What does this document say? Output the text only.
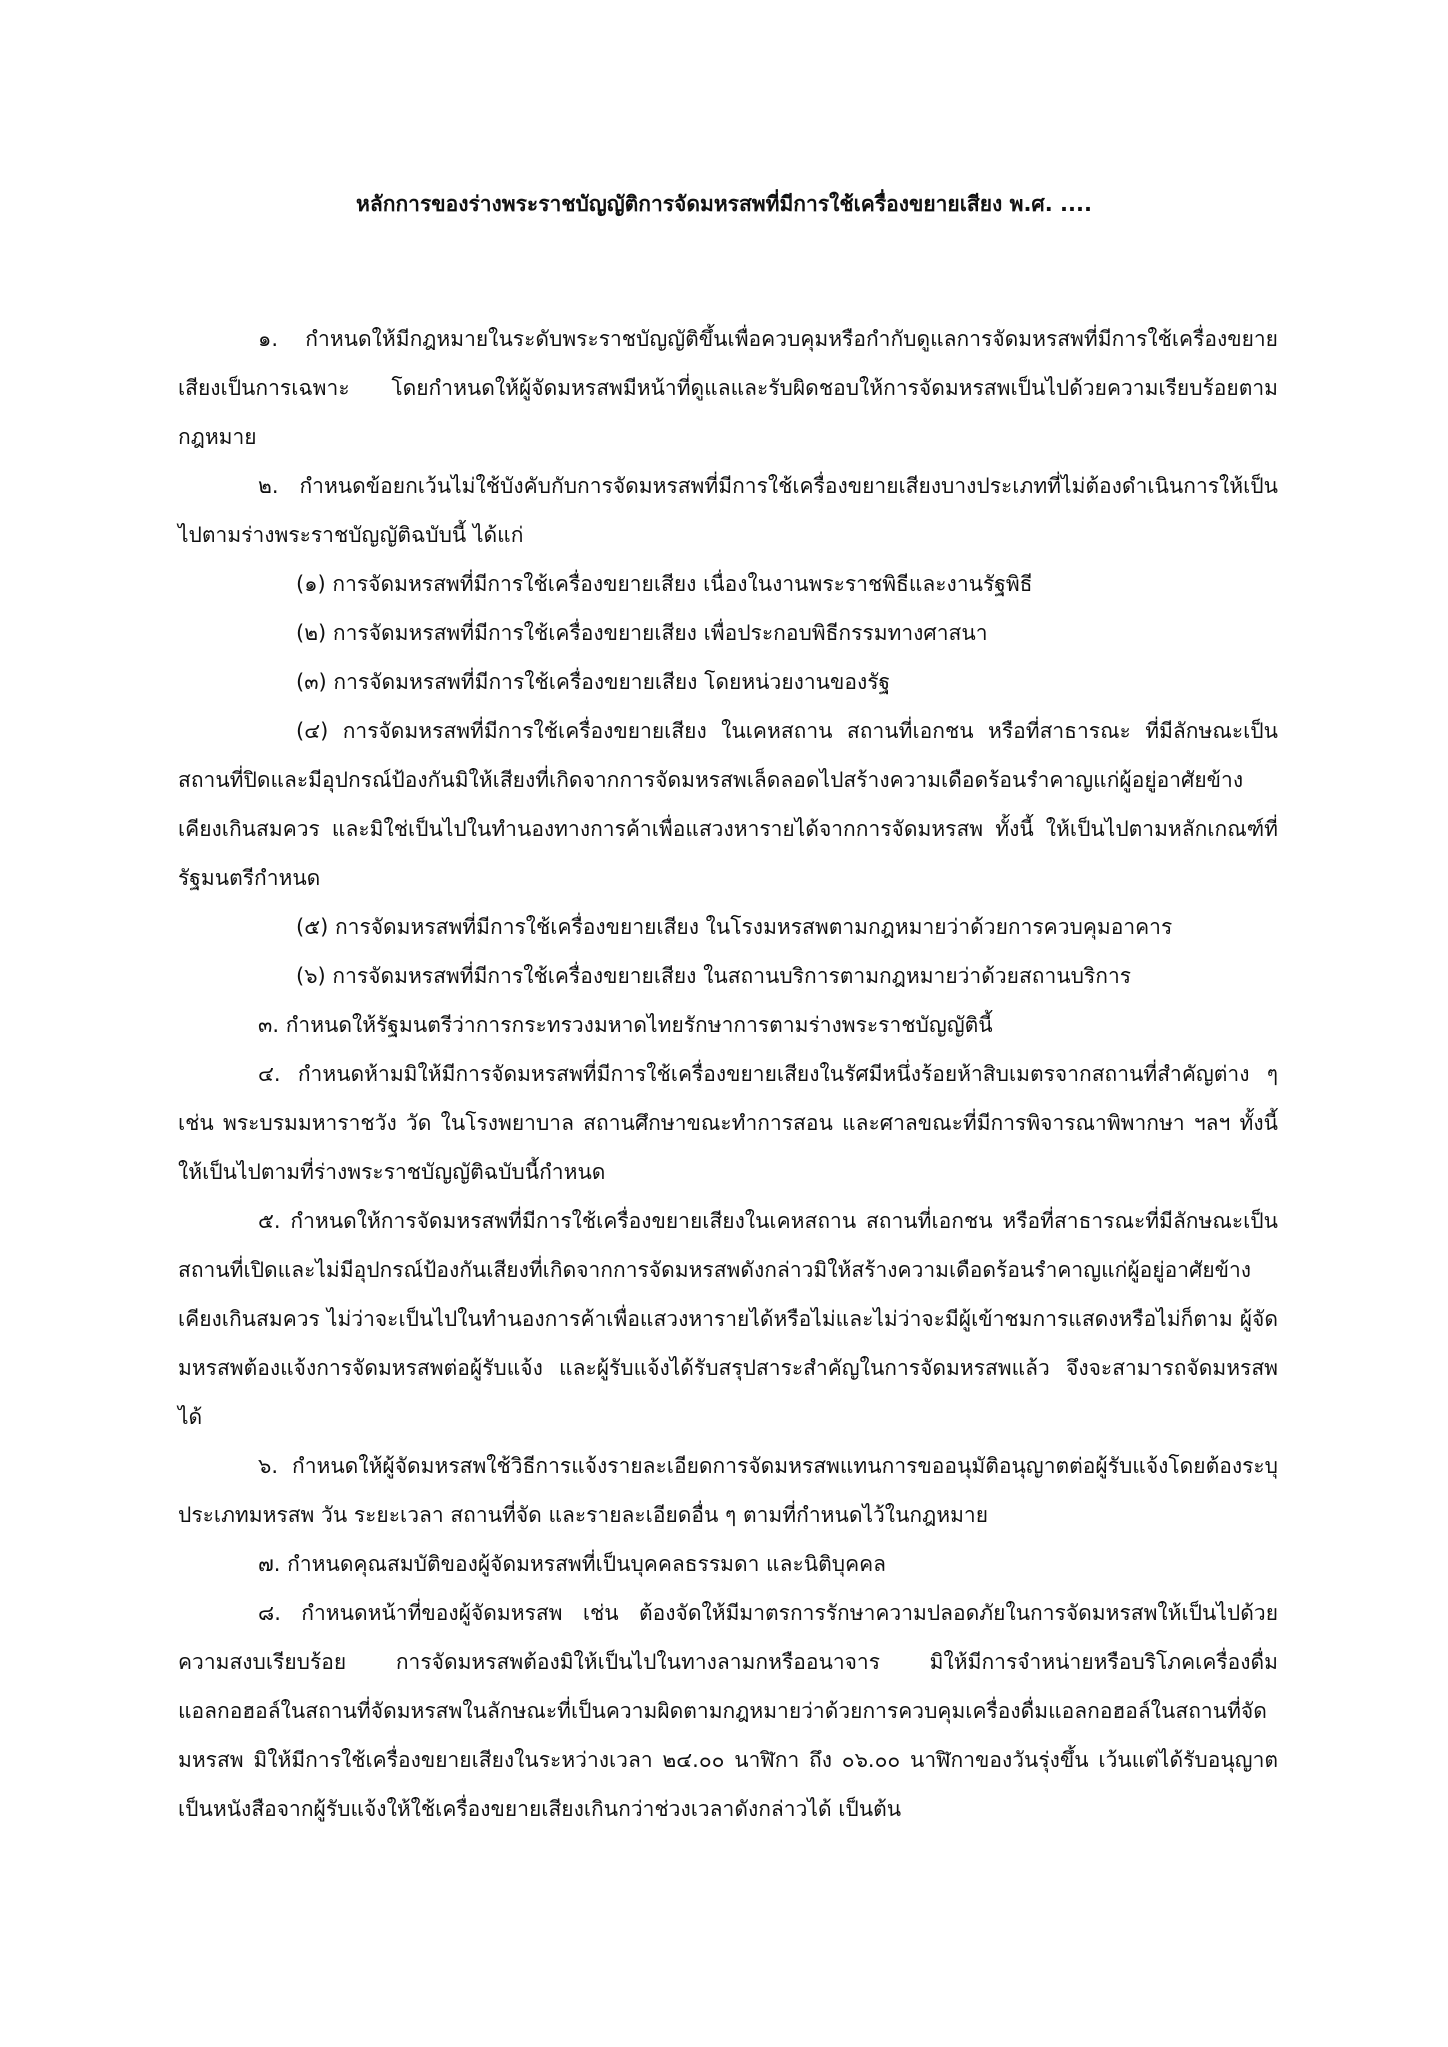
หลักการของร่างพระราชบัญญัติการจัดมหรสพที่มีการใช้เครื่องขยายเสียง พ.ศ. ....

๑. กำหนดให้มีกฎหมายในระดับพระราชบัญญัติขึ้นเพื่อควบคุมหรือกำกับดูแลการจัดมหรสพที่มีการใช้เครื่องขยายเสียงเป็นการเฉพาะ โดยกำหนดให้ผู้จัดมหรสพมีหน้าที่ดูแลและรับผิดชอบให้การจัดมหรสพเป็นไปด้วยความเรียบร้อยตามกฎหมาย

๒. กำหนดข้อยกเว้นไม่ใช้บังคับกับการจัดมหรสพที่มีการใช้เครื่องขยายเสียงบางประเภทที่ไม่ต้องดำเนินการให้เป็นไปตามร่างพระราชบัญญัติฉบับนี้ ได้แก่

(๑) การจัดมหรสพที่มีการใช้เครื่องขยายเสียง เนื่องในงานพระราชพิธีและงานรัฐพิธี

(๒) การจัดมหรสพที่มีการใช้เครื่องขยายเสียง เพื่อประกอบพิธีกรรมทางศาสนา

(๓) การจัดมหรสพที่มีการใช้เครื่องขยายเสียง โดยหน่วยงานของรัฐ

(๔) การจัดมหรสพที่มีการใช้เครื่องขยายเสียง ในเคหสถาน สถานที่เอกชน หรือที่สาธารณะ ที่มีลักษณะเป็นสถานที่ปิดและมีอุปกรณ์ป้องกันมิให้เสียงที่เกิดจากการจัดมหรสพเล็ดลอดไปสร้างความเดือดร้อนรำคาญแก่ผู้อยู่อาศัยข้างเคียงเกินสมควร และมิใช่เป็นไปในทำนองทางการค้าเพื่อแสวงหารายได้จากการจัดมหรสพ ทั้งนี้ ให้เป็นไปตามหลักเกณฑ์ที่รัฐมนตรีกำหนด

(๕) การจัดมหรสพที่มีการใช้เครื่องขยายเสียง ในโรงมหรสพตามกฎหมายว่าด้วยการควบคุมอาคาร

(๖) การจัดมหรสพที่มีการใช้เครื่องขยายเสียง ในสถานบริการตามกฎหมายว่าด้วยสถานบริการ

๓. กำหนดให้รัฐมนตรีว่าการกระทรวงมหาดไทยรักษาการตามร่างพระราชบัญญัตินี้

๔. กำหนดห้ามมิให้มีการจัดมหรสพที่มีการใช้เครื่องขยายเสียงในรัศมีหนึ่งร้อยห้าสิบเมตรจากสถานที่สำคัญต่าง ๆ เช่น พระบรมมหาราชวัง วัด ในโรงพยาบาล สถานศึกษาขณะทำการสอน และศาลขณะที่มีการพิจารณาพิพากษา ฯลฯ ทั้งนี้ ให้เป็นไปตามที่ร่างพระราชบัญญัติฉบับนี้กำหนด

๕. กำหนดให้การจัดมหรสพที่มีการใช้เครื่องขยายเสียงในเคหสถาน สถานที่เอกชน หรือที่สาธารณะที่มีลักษณะเป็นสถานที่เปิดและไม่มีอุปกรณ์ป้องกันเสียงที่เกิดจากการจัดมหรสพดังกล่าวมิให้สร้างความเดือดร้อนรำคาญแก่ผู้อยู่อาศัยข้างเคียงเกินสมควร ไม่ว่าจะเป็นไปในทำนองการค้าเพื่อแสวงหารายได้หรือไม่และไม่ว่าจะมีผู้เข้าชมการแสดงหรือไม่ก็ตาม ผู้จัดมหรสพต้องแจ้งการจัดมหรสพต่อผู้รับแจ้ง และผู้รับแจ้งได้รับสรุปสาระสำคัญในการจัดมหรสพแล้ว จึงจะสามารถจัดมหรสพได้

๖. กำหนดให้ผู้จัดมหรสพใช้วิธีการแจ้งรายละเอียดการจัดมหรสพแทนการขออนุมัติอนุญาตต่อผู้รับแจ้งโดยต้องระบุประเภทมหรสพ วัน ระยะเวลา สถานที่จัด และรายละเอียดอื่น ๆ ตามที่กำหนดไว้ในกฎหมาย

๗. กำหนดคุณสมบัติของผู้จัดมหรสพที่เป็นบุคคลธรรมดา และนิติบุคคล

๘. กำหนดหน้าที่ของผู้จัดมหรสพ เช่น ต้องจัดให้มีมาตรการรักษาความปลอดภัยในการจัดมหรสพให้เป็นไปด้วยความสงบเรียบร้อย การจัดมหรสพต้องมิให้เป็นไปในทางลามกหรืออนาจาร มิให้มีการจำหน่ายหรือบริโภคเครื่องดื่มแอลกอฮอล์ในสถานที่จัดมหรสพในลักษณะที่เป็นความผิดตามกฎหมายว่าด้วยการควบคุมเครื่องดื่มแอลกอฮอล์ในสถานที่จัดมหรสพ มิให้มีการใช้เครื่องขยายเสียงในระหว่างเวลา ๒๔.๐๐ นาฬิกา ถึง ๐๖.๐๐ นาฬิกาของวันรุ่งขึ้น เว้นแต่ได้รับอนุญาตเป็นหนังสือจากผู้รับแจ้งให้ใช้เครื่องขยายเสียงเกินกว่าช่วงเวลาดังกล่าวได้ เป็นต้น
